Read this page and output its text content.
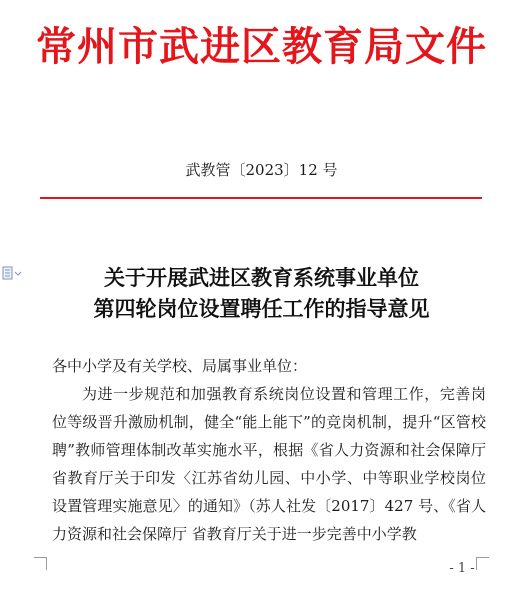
常州市武进区教育局文件
武教管〔2023〕12 号
关于开展武进区教育系统事业单位
第四轮岗位设置聘任工作的指导意见

各中小学及有关学校、局属事业单位：

为进一步规范和加强教育系统岗位设置和管理工作，完善岗位等级晋升激励机制，健全“能上能下”的竞岗机制，提升“区管校聘”教师管理体制改革实施水平，根据《省人力资源和社会保障厅 省教育厅关于印发〈江苏省幼儿园、中小学、中等职业学校岗位设置管理实施意见〉的通知》（苏人社发〔2017〕427 号、《省人力资源和社会保障厅 省教育厅关于进一步完善中小学教

- 1 -
